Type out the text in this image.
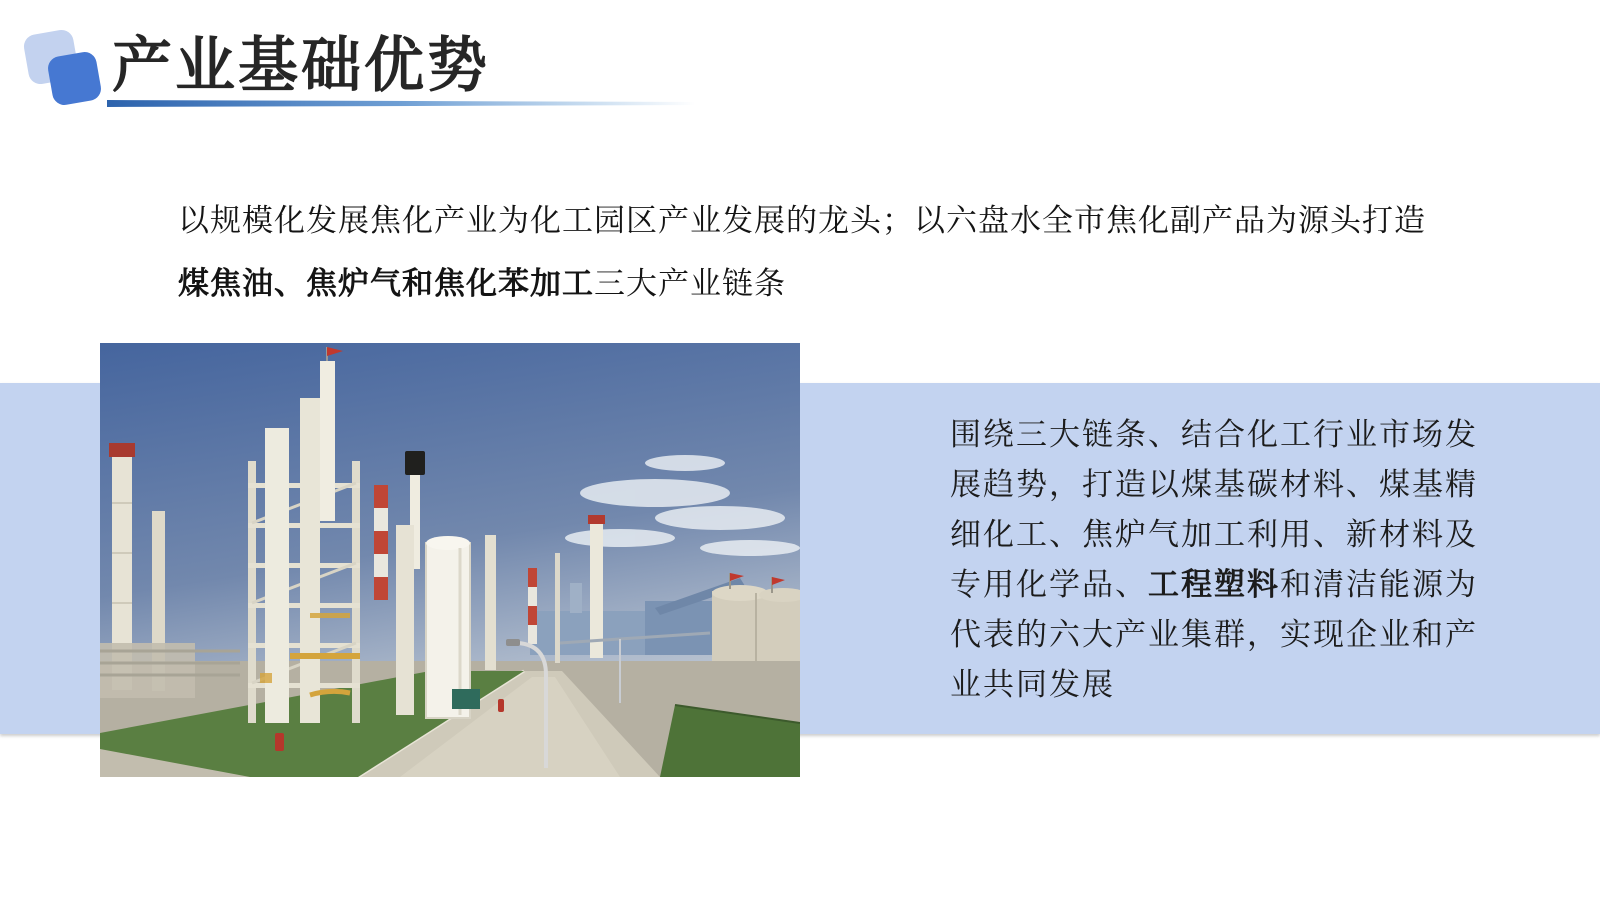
产业基础优势
以规模化发展焦化产业为化工园区产业发展的龙头；以六盘水全市焦化副产品为源头打造
煤焦油、焦炉气和焦化苯加工三大产业链条
围绕三大链条、结合化工行业市场发
展趋势，打造以煤基碳材料、煤基精
细化工、焦炉气加工利用、新材料及
专用化学品、工程塑料和清洁能源为
代表的六大产业集群，实现企业和产
业共同发展
